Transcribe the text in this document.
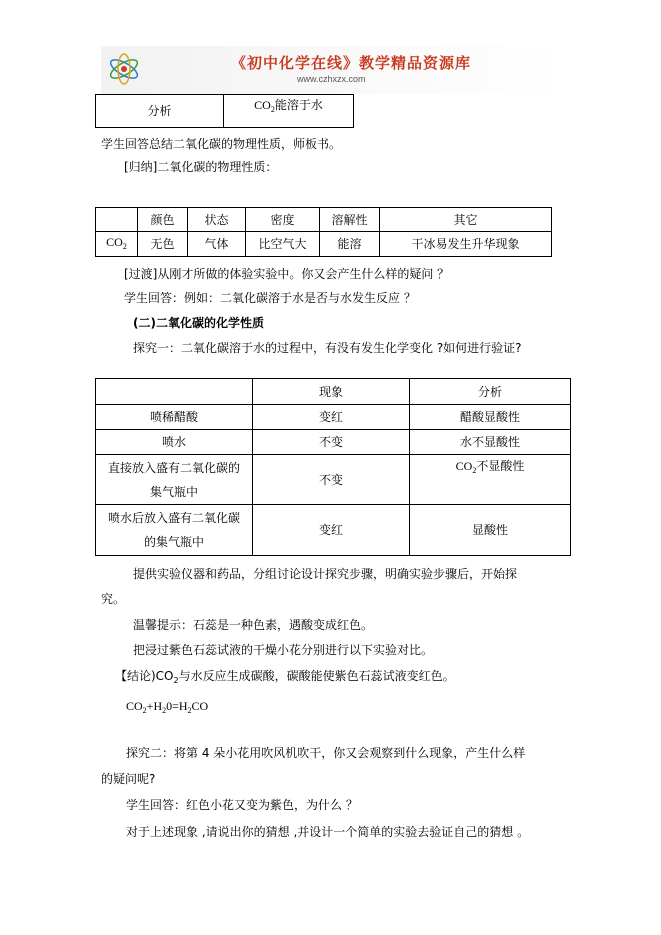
《初中化学在线》教学精品资源库
www.czhxzx.com
分析	$CO_2$能溶于水
学生回答总结二氧化碳的物理性质，师板书。
[归纳]二氧化碳的物理性质：
	颜色	状态	密度	溶解性	其它
$CO_2$	无色	气体	比空气大	能溶	干冰易发生升华现象
[过渡]从刚才所做的体验实验中。你又会产生什么样的疑问 ？
学生回答：例如：二氧化碳溶于水是否与水发生反应 ？
(二)二氧化碳的化学性质
探究一：二氧化碳溶于水的过程中，有没有发生化学变化 ?如何进行验证?
	现象	分析
喷稀醋酸	变红	醋酸显酸性
喷水	不变	水不显酸性

直接放入盛有二氧化碳的
集气瓶中	不变	$CO_2$不显酸性

喷水后放入盛有二氧化碳
的集气瓶中	变红	显酸性
提供实验仪器和药品，分组讨论设计探究步骤，明确实验步骤后，开始探
究。
温馨提示：石蕊是一种色素，遇酸变成红色。
把浸过紫色石蕊试液的干燥小花分别进行以下实验对比。
【结论)$CO_2$与水反应生成碳酸，碳酸能使紫色石蕊试液变红色。
$CO_2+H_20=H_2CO$
探究二：将第 4 朵小花用吹风机吹干，你又会观察到什么现象，产生什么样
的疑问呢?
学生回答：红色小花又变为紫色，为什么 ？
对于上述现象 ,请说出你的猜想 ,并设计一个简单的实验去验证自己的猜想 。
